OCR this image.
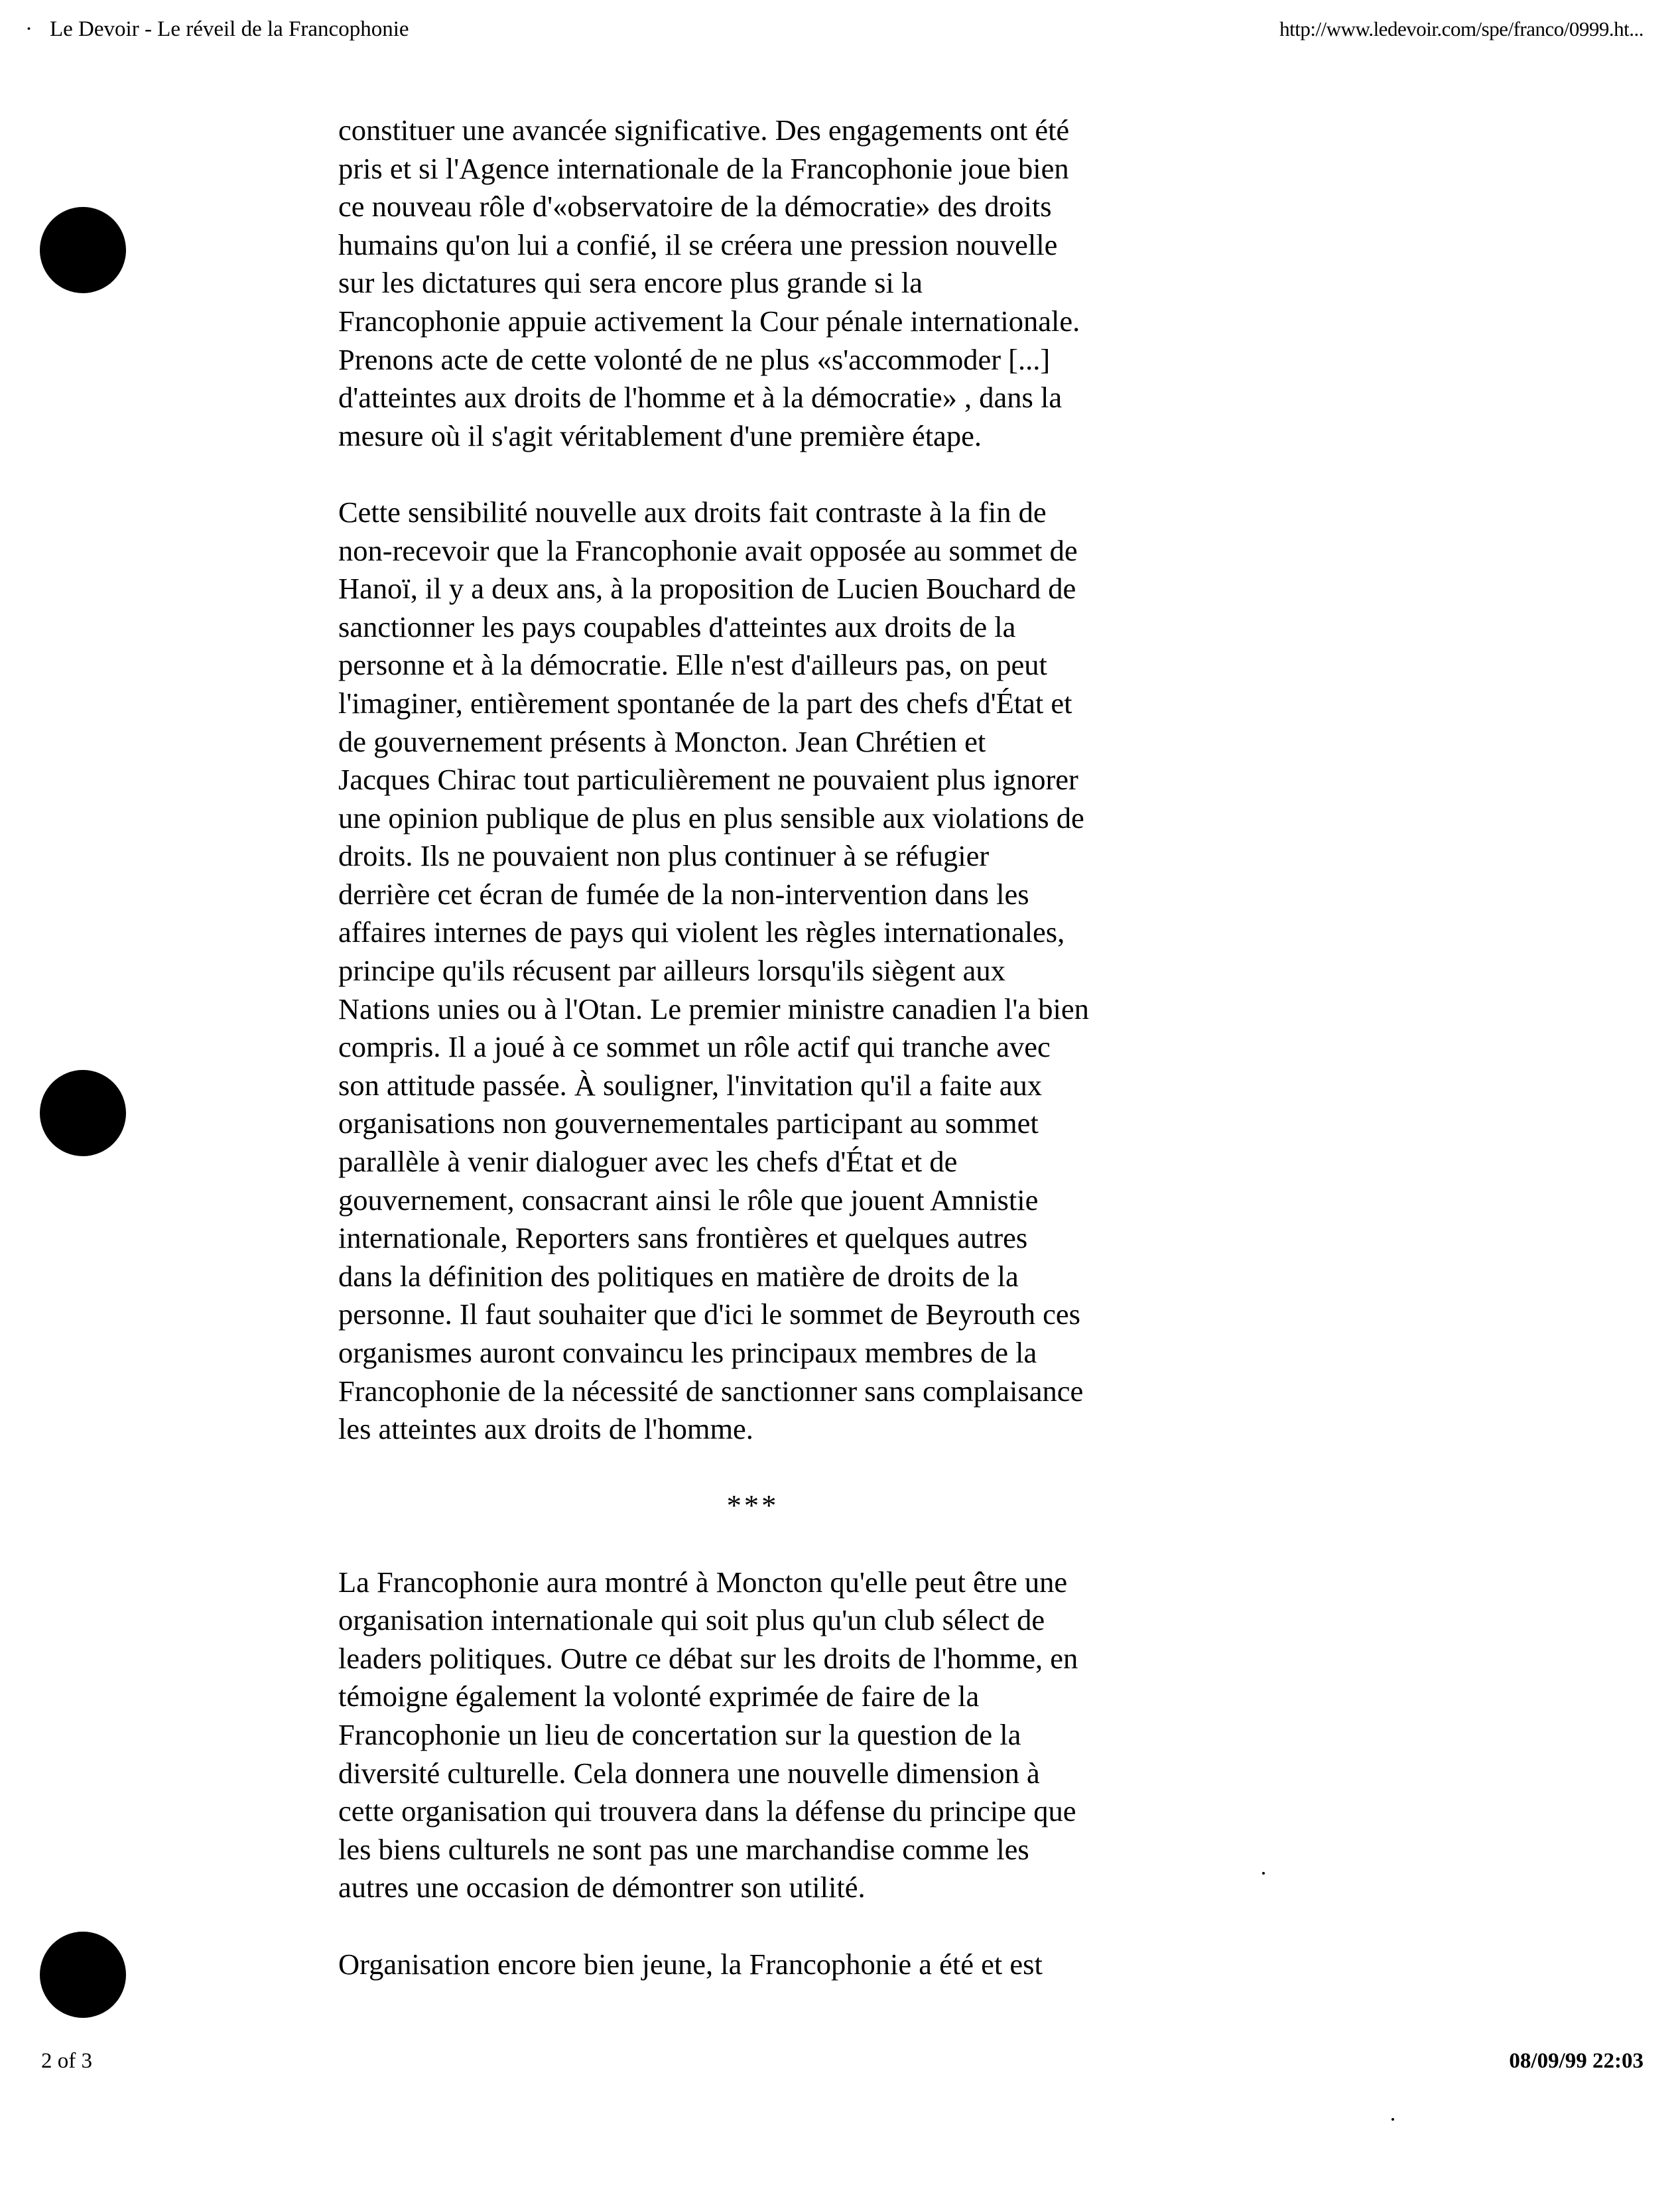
· Le Devoir - Le réveil de la Francophonie	http://www.ledevoir.com/spe/franco/0999.ht...
constituer une avancée significative. Des engagements ont été
pris et si l'Agence internationale de la Francophonie joue bien
ce nouveau rôle d'«observatoire de la démocratie» des droits
humains qu'on lui a confié, il se créera une pression nouvelle
sur les dictatures qui sera encore plus grande si la
Francophonie appuie activement la Cour pénale internationale.
Prenons acte de cette volonté de ne plus «s'accommoder [...]
d'atteintes aux droits de l'homme et à la démocratie» , dans la
mesure où il s'agit véritablement d'une première étape.
Cette sensibilité nouvelle aux droits fait contraste à la fin de
non-recevoir que la Francophonie avait opposée au sommet de
Hanoï, il y a deux ans, à la proposition de Lucien Bouchard de
sanctionner les pays coupables d'atteintes aux droits de la
personne et à la démocratie. Elle n'est d'ailleurs pas, on peut
l'imaginer, entièrement spontanée de la part des chefs d'État et
de gouvernement présents à Moncton. Jean Chrétien et
Jacques Chirac tout particulièrement ne pouvaient plus ignorer
une opinion publique de plus en plus sensible aux violations de
droits. Ils ne pouvaient non plus continuer à se réfugier
derrière cet écran de fumée de la non-intervention dans les
affaires internes de pays qui violent les règles internationales,
principe qu'ils récusent par ailleurs lorsqu'ils siègent aux
Nations unies ou à l'Otan. Le premier ministre canadien l'a bien
compris. Il a joué à ce sommet un rôle actif qui tranche avec
son attitude passée. À souligner, l'invitation qu'il a faite aux
organisations non gouvernementales participant au sommet
parallèle à venir dialoguer avec les chefs d'État et de
gouvernement, consacrant ainsi le rôle que jouent Amnistie
internationale, Reporters sans frontières et quelques autres
dans la définition des politiques en matière de droits de la
personne. Il faut souhaiter que d'ici le sommet de Beyrouth ces
organismes auront convaincu les principaux membres de la
Francophonie de la nécessité de sanctionner sans complaisance
les atteintes aux droits de l'homme.
***
La Francophonie aura montré à Moncton qu'elle peut être une
organisation internationale qui soit plus qu'un club sélect de
leaders politiques. Outre ce débat sur les droits de l'homme, en
témoigne également la volonté exprimée de faire de la
Francophonie un lieu de concertation sur la question de la
diversité culturelle. Cela donnera une nouvelle dimension à
cette organisation qui trouvera dans la défense du principe que
les biens culturels ne sont pas une marchandise comme les
autres une occasion de démontrer son utilité.
Organisation encore bien jeune, la Francophonie a été et est
2 of 3	08/09/99 22:03
